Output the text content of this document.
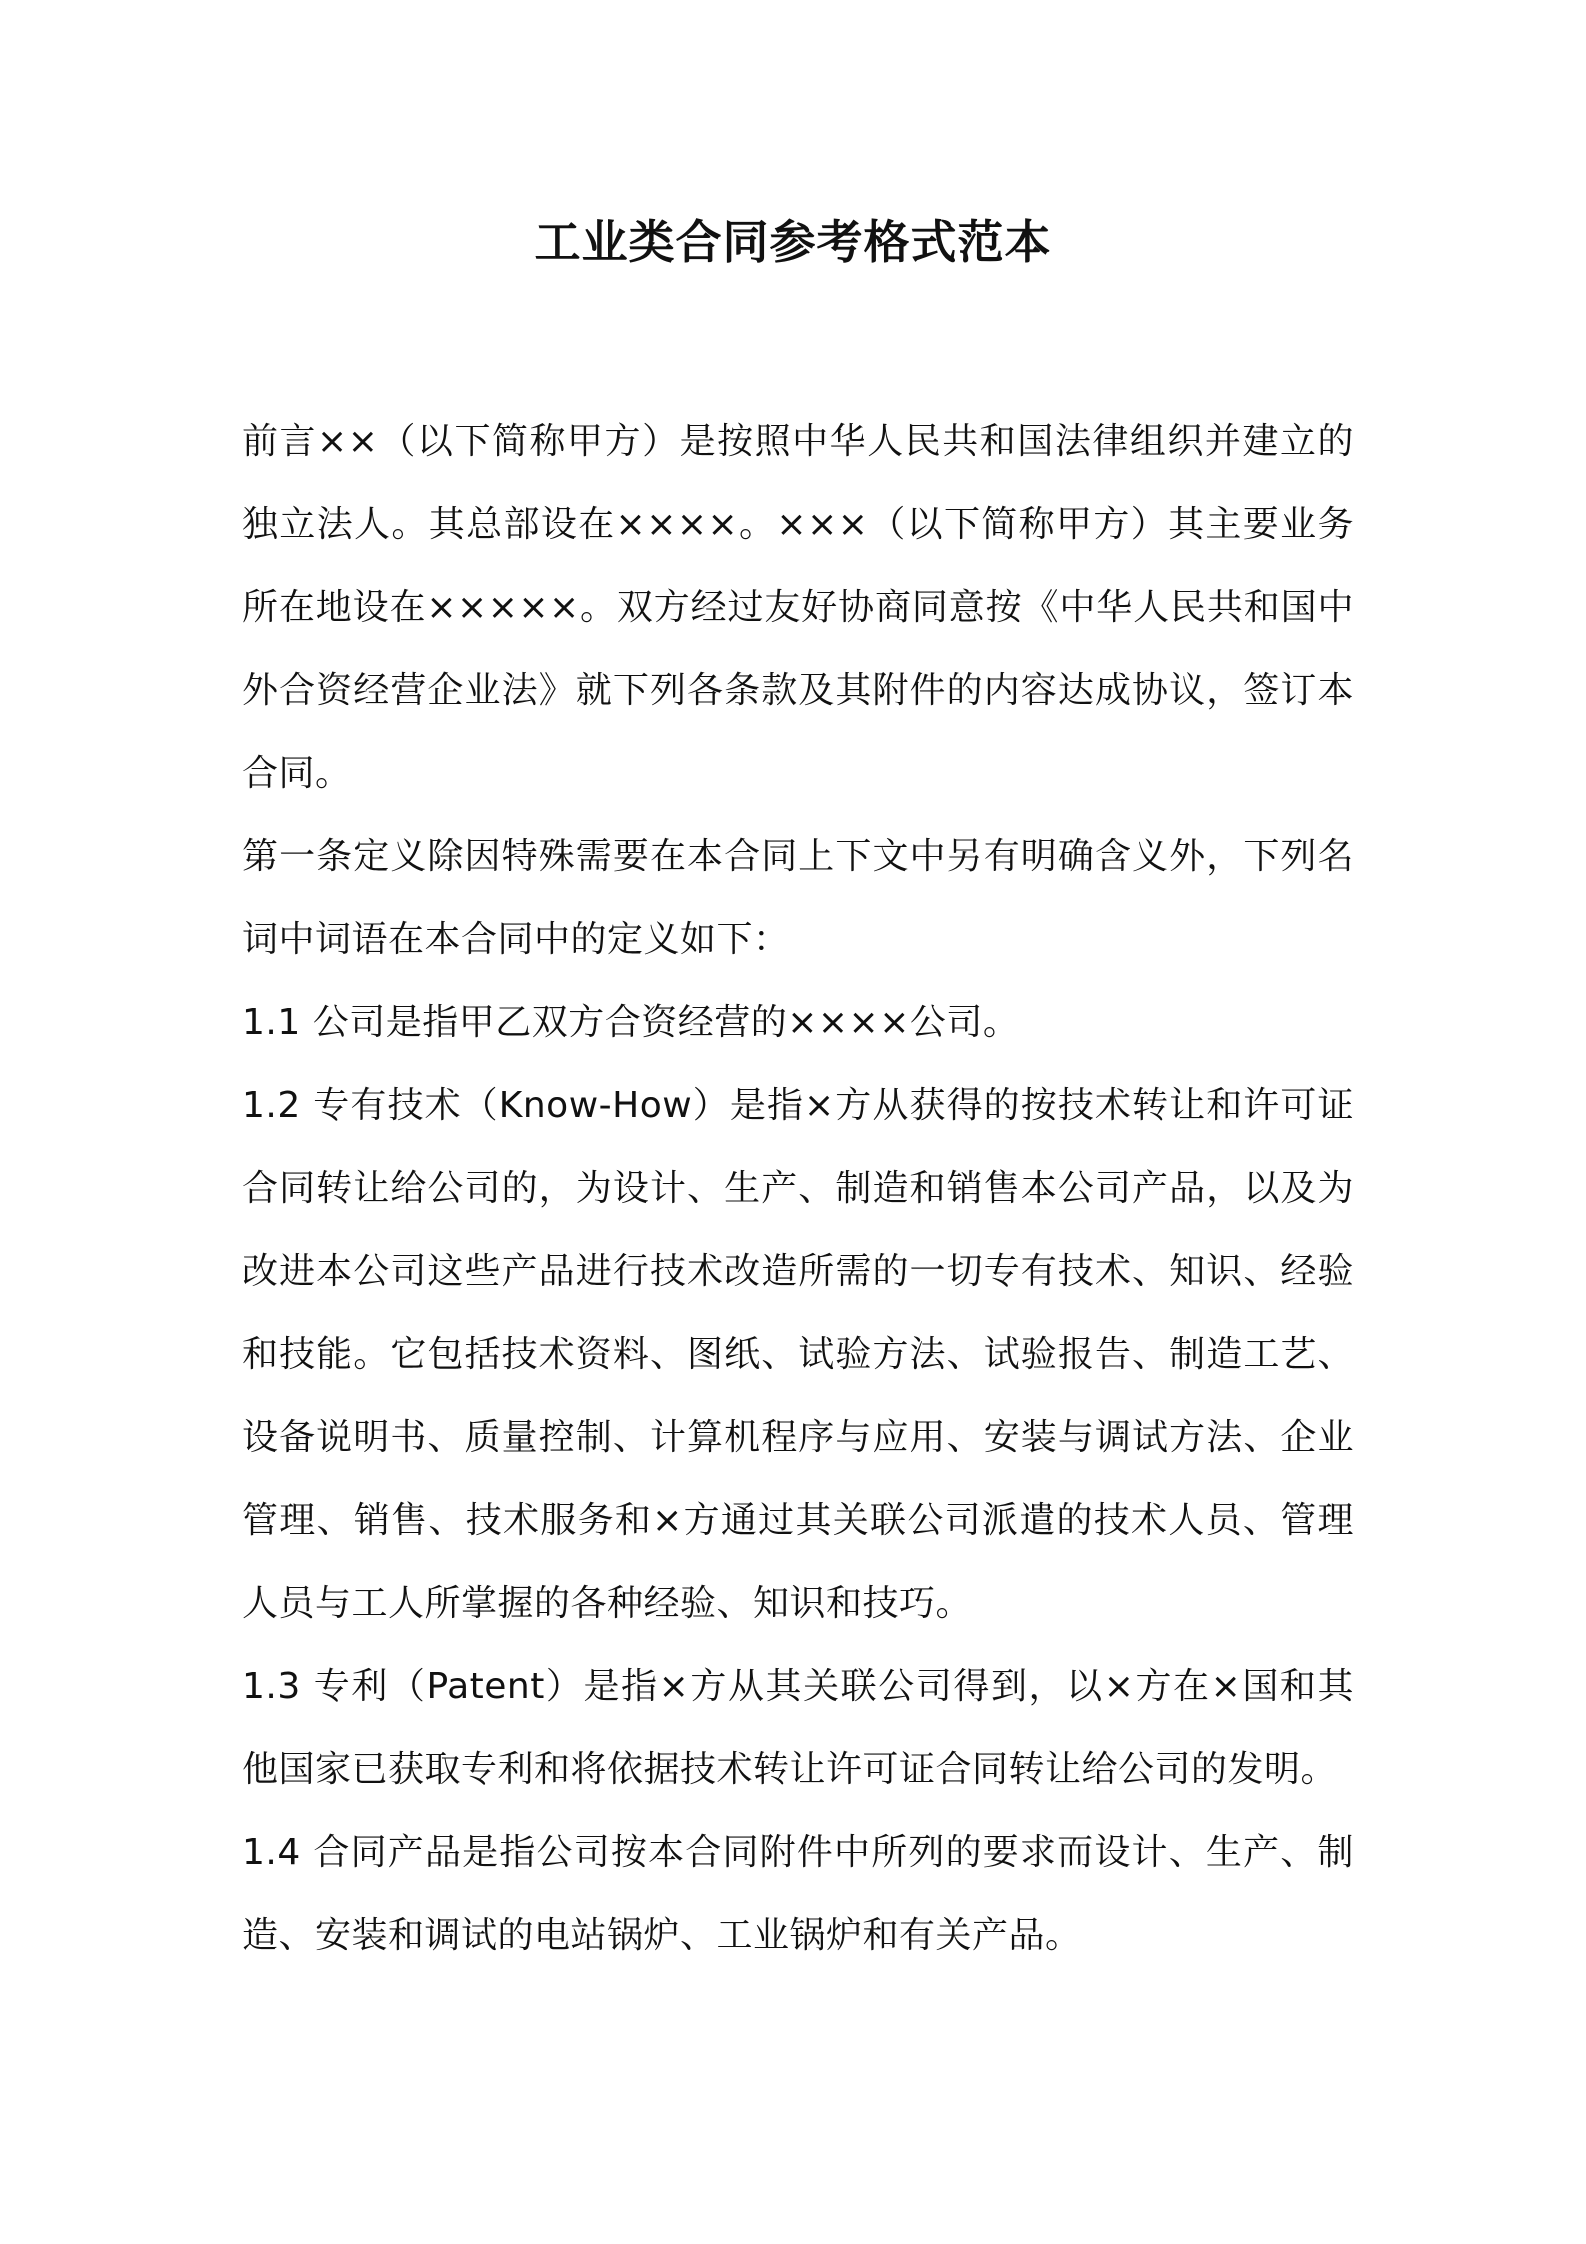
工业类合同参考格式范本

前言××（以下简称甲方）是按照中华人民共和国法律组织并建立的独立法人。其总部设在××××。×××（以下简称甲方）其主要业务所在地设在×××××。双方经过友好协商同意按《中华人民共和国中外合资经营企业法》就下列各条款及其附件的内容达成协议，签订本合同。

第一条定义除因特殊需要在本合同上下文中另有明确含义外，下列名词中词语在本合同中的定义如下：

1.1 公司是指甲乙双方合资经营的××××公司。

1.2 专有技术（Know-How）是指×方从获得的按技术转让和许可证合同转让给公司的，为设计、生产、制造和销售本公司产品，以及为改进本公司这些产品进行技术改造所需的一切专有技术、知识、经验和技能。它包括技术资料、图纸、试验方法、试验报告、制造工艺、设备说明书、质量控制、计算机程序与应用、安装与调试方法、企业管理、销售、技术服务和×方通过其关联公司派遣的技术人员、管理人员与工人所掌握的各种经验、知识和技巧。

1.3 专利（Patent）是指×方从其关联公司得到，以×方在×国和其他国家已获取专利和将依据技术转让许可证合同转让给公司的发明。

1.4 合同产品是指公司按本合同附件中所列的要求而设计、生产、制造、安装和调试的电站锅炉、工业锅炉和有关产品。
